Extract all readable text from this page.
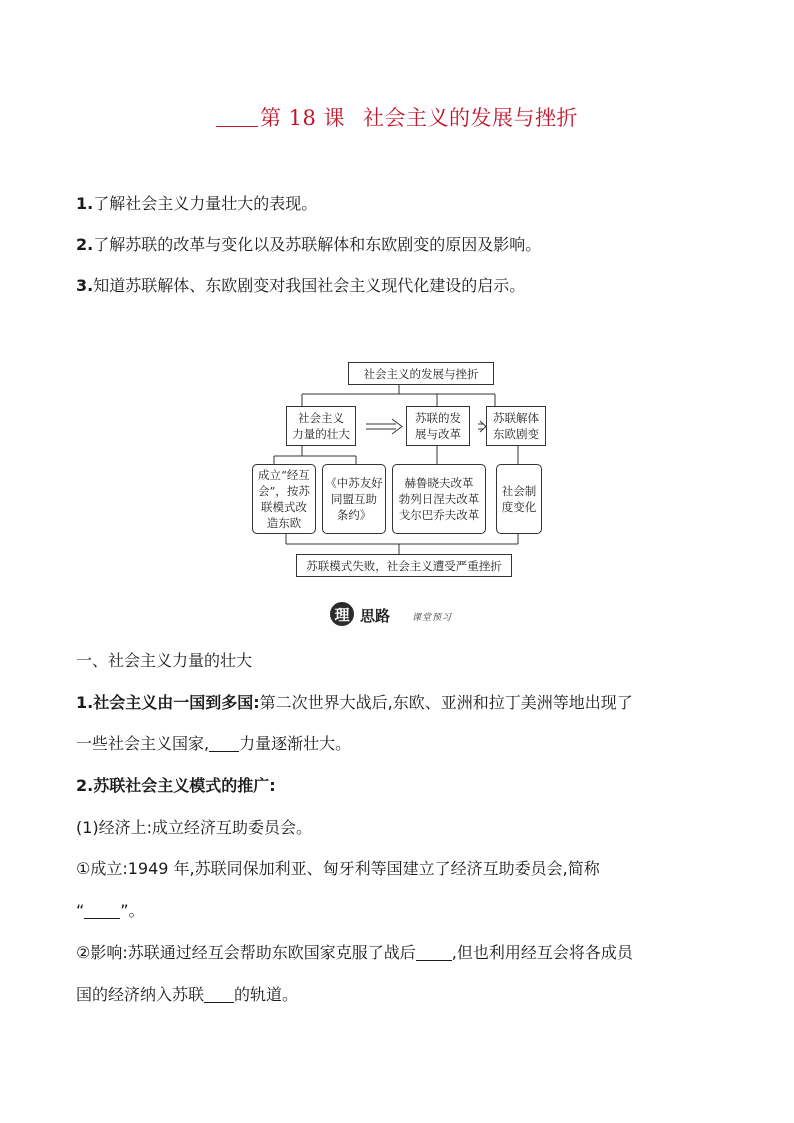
第 18 课 社会主义的发展与挫折
1.了解社会主义力量壮大的表现。
2.了解苏联的改革与变化以及苏联解体和东欧剧变的原因及影响。
3.知道苏联解体、东欧剧变对我国社会主义现代化建设的启示。
社会主义的发展与挫折
社会主义
力量的壮大
苏联的发
展与改革
苏联解体
东欧剧变
成立“经互
会”，按苏
联模式改
造东欧
《中苏友好
同盟互助
条约》
赫鲁晓夫改革
勃列日涅夫改革
戈尔巴乔夫改革
社会制
度变化
苏联模式失败，社会主义遭受严重挫折
理 思路 课堂预习
一、社会主义力量的壮大
1.社会主义由一国到多国:第二次世界大战后,东欧、亚洲和拉丁美洲等地出现了
一些社会主义国家, 力量逐渐壮大。
2.苏联社会主义模式的推广:
(1)经济上:成立经济互助委员会。
①成立:1949 年,苏联同保加利亚、匈牙利等国建立了经济互助委员会,简称
“ ”。
②影响:苏联通过经互会帮助东欧国家克服了战后 ,但也利用经互会将各成员
国的经济纳入苏联 的轨道。
